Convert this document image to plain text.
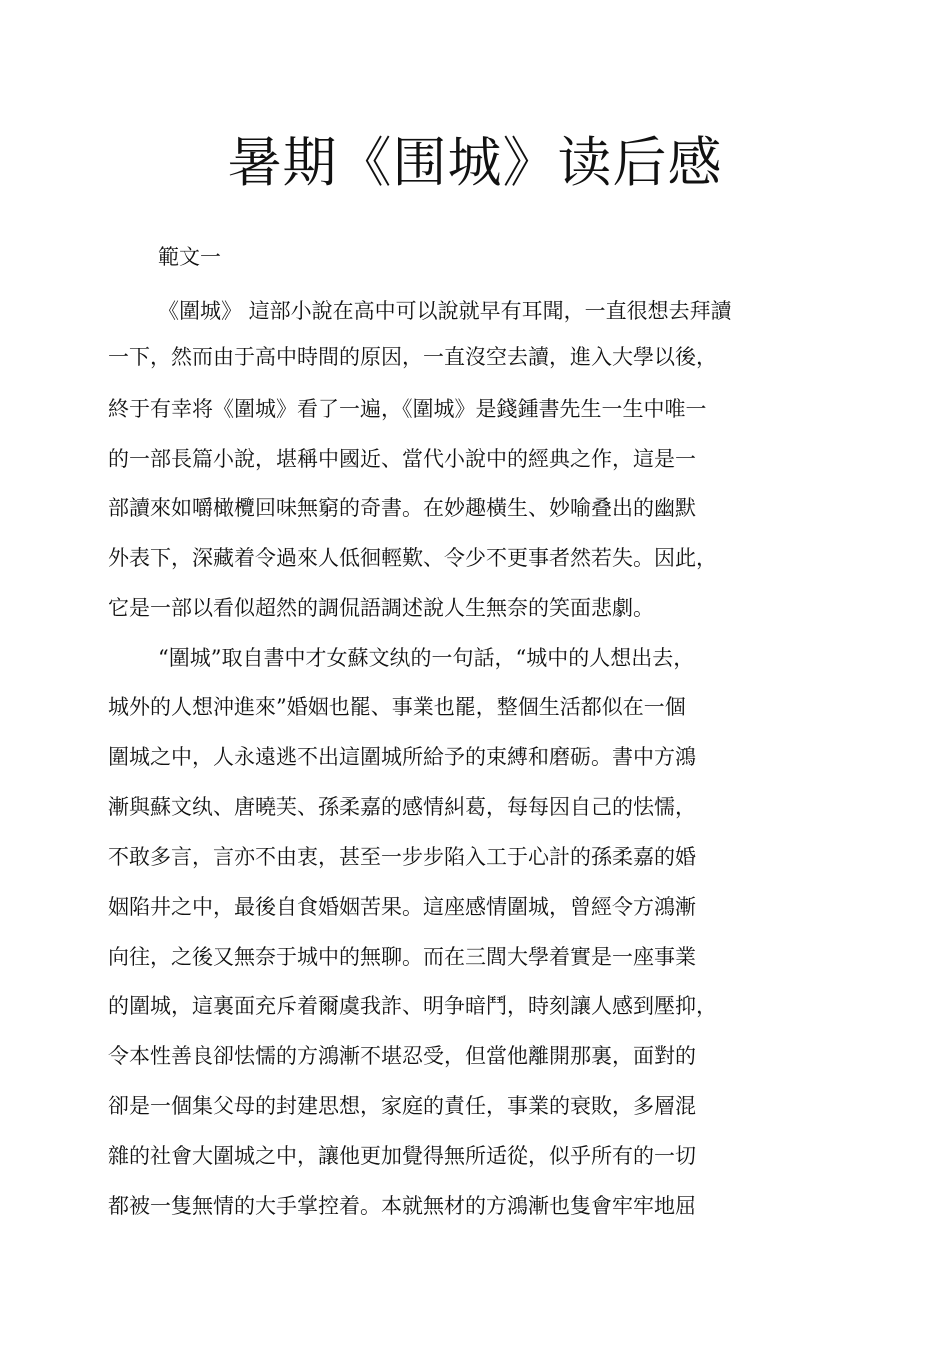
暑期《围城》读后感

範文一

《圍城》 這部小說在高中可以說就早有耳聞，一直很想去拜讀

一下，然而由于高中時間的原因，一直沒空去讀，進入大學以後，

終于有幸将《圍城》看了一遍，《圍城》是錢鍾書先生一生中唯一

的一部長篇小說，堪稱中國近、當代小說中的經典之作，這是一

部讀來如嚼橄欖回味無窮的奇書。在妙趣橫生、妙喻叠出的幽默

外表下，深藏着令過來人低徊輕歎、令少不更事者然若失。因此，

它是一部以看似超然的調侃語調述說人生無奈的笑面悲劇。

“圍城”取自書中才女蘇文纨的一句話，“城中的人想出去，

城外的人想沖進來”婚姻也罷、事業也罷，整個生活都似在一個

圍城之中，人永遠逃不出這圍城所給予的束縛和磨砺。書中方鴻

漸與蘇文纨、唐曉芙、孫柔嘉的感情糾葛，每每因自己的怯懦，

不敢多言，言亦不由衷，甚至一步步陷入工于心計的孫柔嘉的婚

姻陷井之中，最後自食婚姻苦果。這座感情圍城，曾經令方鴻漸

向往，之後又無奈于城中的無聊。而在三閭大學着實是一座事業

的圍城，這裏面充斥着爾虞我詐、明争暗鬥，時刻讓人感到壓抑，

令本性善良卻怯懦的方鴻漸不堪忍受，但當他離開那裏，面對的

卻是一個集父母的封建思想，家庭的責任，事業的衰敗，多層混

雜的社會大圍城之中，讓他更加覺得無所适從，似乎所有的一切

都被一隻無情的大手掌控着。本就無材的方鴻漸也隻會牢牢地屈
